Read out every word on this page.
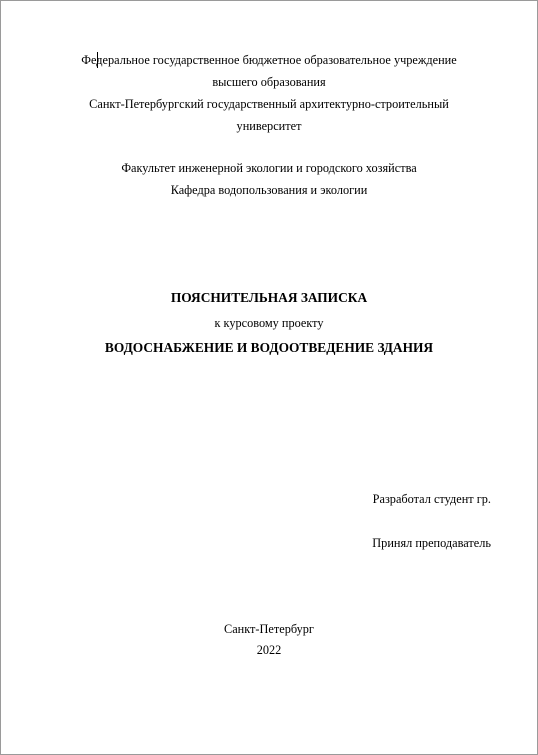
Федеральное государственное бюджетное образовательное учреждение
высшего образования
Санкт-Петербургский государственный архитектурно-строительный
университет
Факультет инженерной экологии и городского хозяйства
Кафедра водопользования и экологии
ПОЯСНИТЕЛЬНАЯ ЗАПИСКА
к курсовому проекту
ВОДОСНАБЖЕНИЕ И ВОДООТВЕДЕНИЕ ЗДАНИЯ
Разработал студент гр.
Принял преподаватель
Санкт-Петербург
2022
